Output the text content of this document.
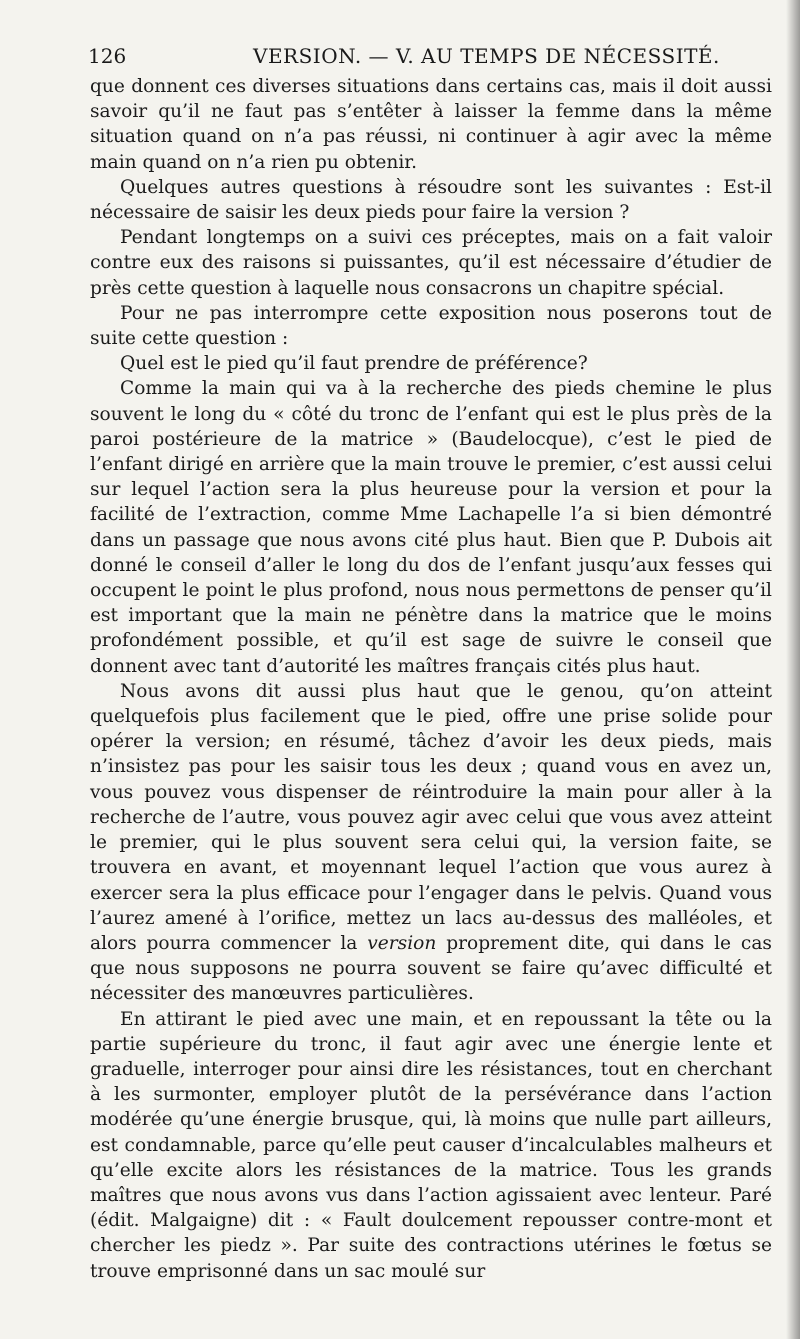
126	VERSION. — V. AU TEMPS DE NÉCESSITÉ.

que donnent ces diverses situations dans certains cas, mais il doit aussi savoir qu’il ne faut pas s’entêter à laisser la femme dans la même situation quand on n’a pas réussi, ni continuer à agir avec la même main quand on n’a rien pu obtenir.

Quelques autres questions à résoudre sont les suivantes : Est-il nécessaire de saisir les deux pieds pour faire la version ?

Pendant longtemps on a suivi ces préceptes, mais on a fait valoir contre eux des raisons si puissantes, qu’il est nécessaire d’étudier de près cette question à laquelle nous consacrons un chapitre spécial.

Pour ne pas interrompre cette exposition nous poserons tout de suite cette question :

Quel est le pied qu’il faut prendre de préférence?

Comme la main qui va à la recherche des pieds chemine le plus souvent le long du « côté du tronc de l’enfant qui est le plus près de la paroi postérieure de la matrice » (Baudelocque), c’est le pied de l’enfant dirigé en arrière que la main trouve le premier, c’est aussi celui sur lequel l’action sera la plus heureuse pour la version et pour la facilité de l’extraction, comme Mme Lachapelle l’a si bien démontré dans un passage que nous avons cité plus haut. Bien que P. Dubois ait donné le conseil d’aller le long du dos de l’enfant jusqu’aux fesses qui occupent le point le plus profond, nous nous permettons de penser qu’il est important que la main ne pénètre dans la matrice que le moins profondément possible, et qu’il est sage de suivre le conseil que donnent avec tant d’autorité les maîtres français cités plus haut.

Nous avons dit aussi plus haut que le genou, qu’on atteint quelquefois plus facilement que le pied, offre une prise solide pour opérer la version; en résumé, tâchez d’avoir les deux pieds, mais n’insistez pas pour les saisir tous les deux ; quand vous en avez un, vous pouvez vous dispenser de réintroduire la main pour aller à la recherche de l’autre, vous pouvez agir avec celui que vous avez atteint le premier, qui le plus souvent sera celui qui, la version faite, se trouvera en avant, et moyennant lequel l’action que vous aurez à exercer sera la plus efficace pour l’engager dans le pelvis. Quand vous l’aurez amené à l’orifice, mettez un lacs au-dessus des malléoles, et alors pourra commencer la version proprement dite, qui dans le cas que nous supposons ne pourra souvent se faire qu’avec difficulté et nécessiter des manœuvres particulières.

En attirant le pied avec une main, et en repoussant la tête ou la partie supérieure du tronc, il faut agir avec une énergie lente et graduelle, interroger pour ainsi dire les résistances, tout en cherchant à les surmonter, employer plutôt de la persévérance dans l’action modérée qu’une énergie brusque, qui, là moins que nulle part ailleurs, est condamnable, parce qu’elle peut causer d’incalculables malheurs et qu’elle excite alors les résistances de la matrice. Tous les grands maîtres que nous avons vus dans l’action agissaient avec lenteur. Paré (édit. Malgaigne) dit : « Fault doulcement repousser contre-mont et chercher les piedz ». Par suite des contractions utérines le fœtus se trouve emprisonné dans un sac moulé sur
